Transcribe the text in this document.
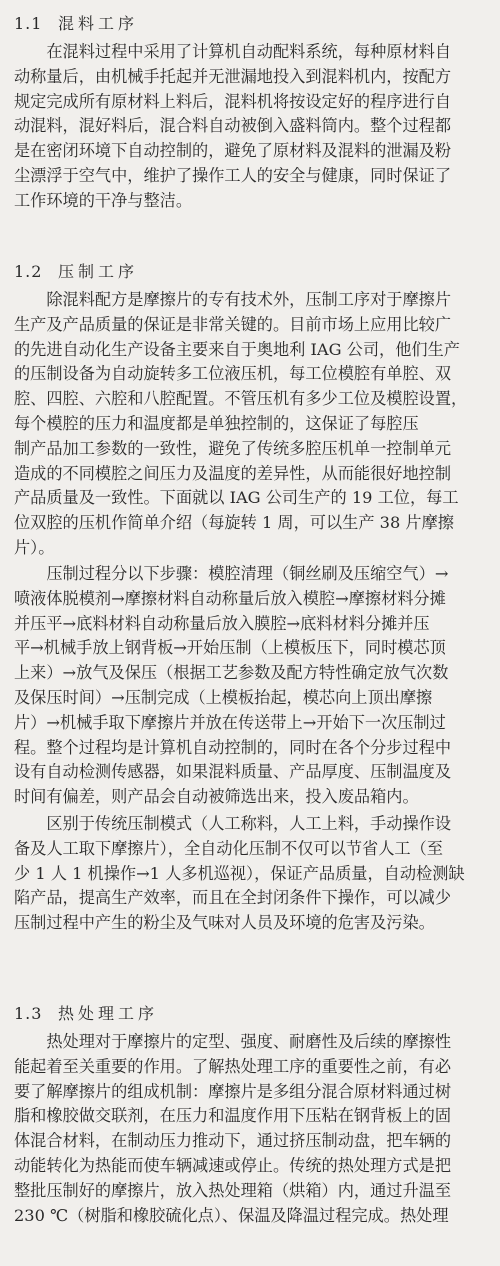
1.1 混料工序
　　在混料过程中采用了计算机自动配料系统，每种原材料自
动称量后，由机械手托起并无泄漏地投入到混料机内，按配方
规定完成所有原材料上料后，混料机将按设定好的程序进行自
动混料，混好料后，混合料自动被倒入盛料筒内。整个过程都
是在密闭环境下自动控制的，避免了原材料及混料的泄漏及粉
尘漂浮于空气中，维护了操作工人的安全与健康，同时保证了
工作环境的干净与整洁。
1.2 压制工序
　　除混料配方是摩擦片的专有技术外，压制工序对于摩擦片
生产及产品质量的保证是非常关键的。目前市场上应用比较广
的先进自动化生产设备主要来自于奥地利 IAG 公司，他们生产
的压制设备为自动旋转多工位液压机，每工位模腔有单腔、双
腔、四腔、六腔和八腔配置。不管压机有多少工位及模腔设置，
每个模腔的压力和温度都是单独控制的，这保证了每腔压
制产品加工参数的一致性，避免了传统多腔压机单一控制单元
造成的不同模腔之间压力及温度的差异性，从而能很好地控制
产品质量及一致性。下面就以 IAG 公司生产的 19 工位，每工
位双腔的压机作简单介绍（每旋转 1 周，可以生产 38 片摩擦
片）。
　　压制过程分以下步骤：模腔清理（铜丝刷及压缩空气）→
喷液体脱模剂→摩擦材料自动称量后放入模腔→摩擦材料分摊
并压平→底料材料自动称量后放入膜腔→底料材料分摊并压
平→机械手放上钢背板→开始压制（上模板压下，同时模芯顶
上来）→放气及保压（根据工艺参数及配方特性确定放气次数
及保压时间）→压制完成（上模板抬起，模芯向上顶出摩擦
片）→机械手取下摩擦片并放在传送带上→开始下一次压制过
程。整个过程均是计算机自动控制的，同时在各个分步过程中
设有自动检测传感器，如果混料质量、产品厚度、压制温度及
时间有偏差，则产品会自动被筛选出来，投入废品箱内。
　　区别于传统压制模式（人工称料，人工上料，手动操作设
备及人工取下摩擦片），全自动化压制不仅可以节省人工（至
少 1 人 1 机操作→1 人多机巡视），保证产品质量，自动检测缺
陷产品，提高生产效率，而且在全封闭条件下操作，可以减少
压制过程中产生的粉尘及气味对人员及环境的危害及污染。
1.3 热处理工序
　　热处理对于摩擦片的定型、强度、耐磨性及后续的摩擦性
能起着至关重要的作用。了解热处理工序的重要性之前，有必
要了解摩擦片的组成机制：摩擦片是多组分混合原材料通过树
脂和橡胶做交联剂，在压力和温度作用下压粘在钢背板上的固
体混合材料，在制动压力推动下，通过挤压制动盘，把车辆的
动能转化为热能而使车辆减速或停止。传统的热处理方式是把
整批压制好的摩擦片，放入热处理箱（烘箱）内，通过升温至
230 ℃（树脂和橡胶硫化点）、保温及降温过程完成。热处理
